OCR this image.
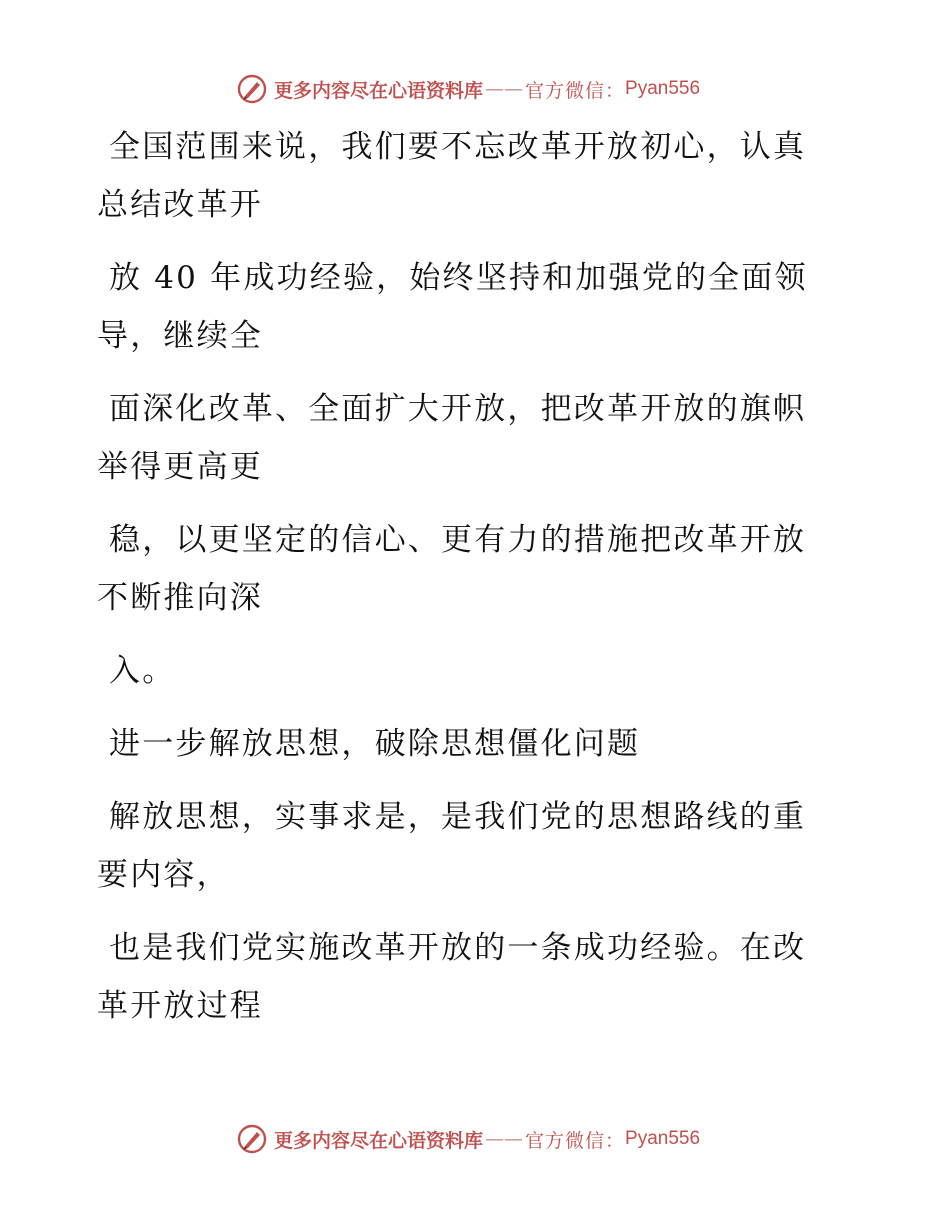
更多内容尽在心语资料库 —— 官方微信： Pyan556

全国范围来说，我们要不忘改革开放初心，认真总结改革开

放 40 年成功经验，始终坚持和加强党的全面领导，继续全

面深化改革、全面扩大开放，把改革开放的旗帜举得更高更

稳，以更坚定的信心、更有力的措施把改革开放不断推向深

入。

进一步解放思想，破除思想僵化问题

解放思想，实事求是，是我们党的思想路线的重要内容，

也是我们党实施改革开放的一条成功经验。在改革开放过程

更多内容尽在心语资料库 —— 官方微信： Pyan556
